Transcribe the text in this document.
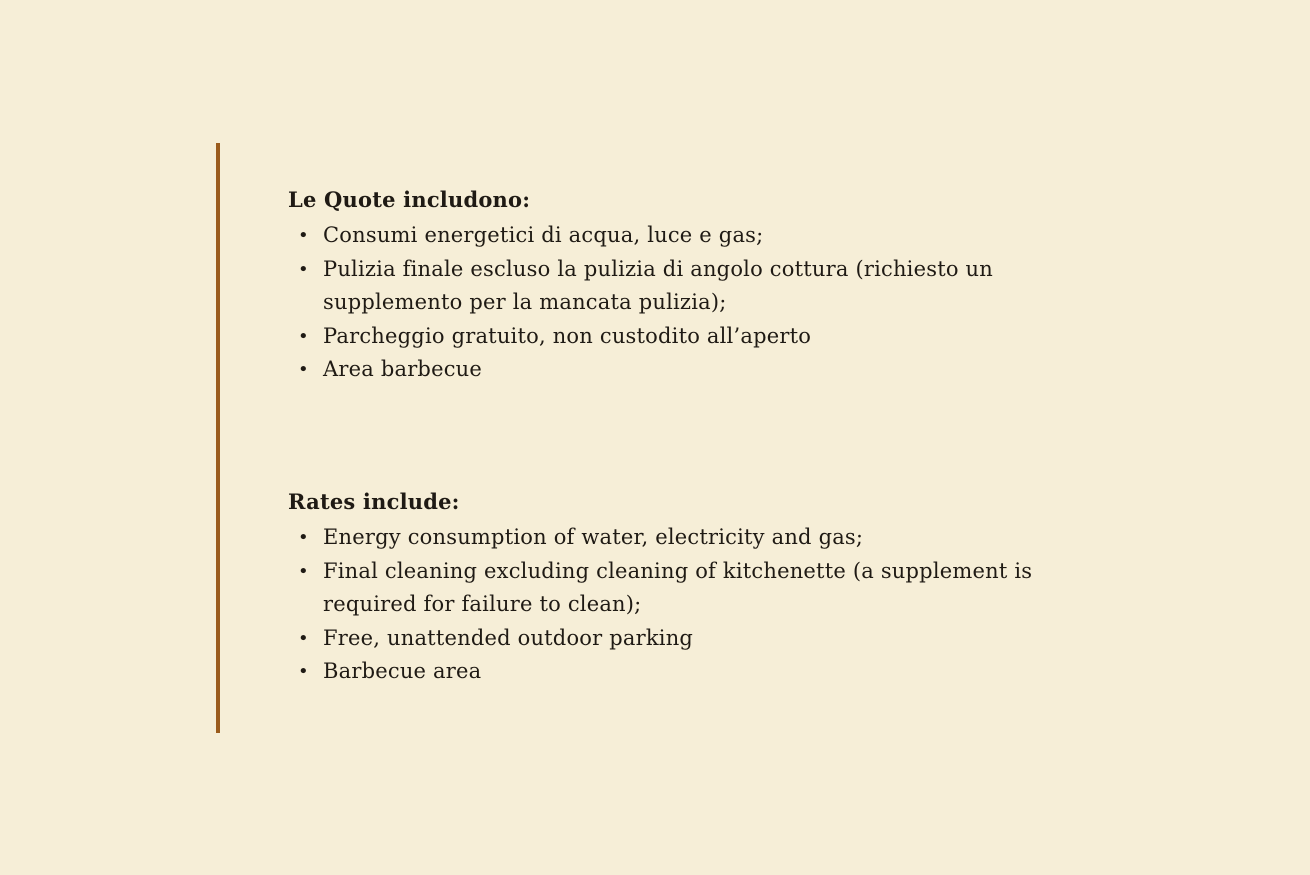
Le Quote includono:
• Consumi energetici di acqua, luce e gas;
• Pulizia finale escluso la pulizia di angolo cottura (richiesto un supplemento per la mancata pulizia);
• Parcheggio gratuito, non custodito all’aperto
• Area barbecue
Rates include:
• Energy consumption of water, electricity and gas;
• Final cleaning excluding cleaning of kitchenette (a supplement is required for failure to clean);
• Free, unattended outdoor parking
• Barbecue area
